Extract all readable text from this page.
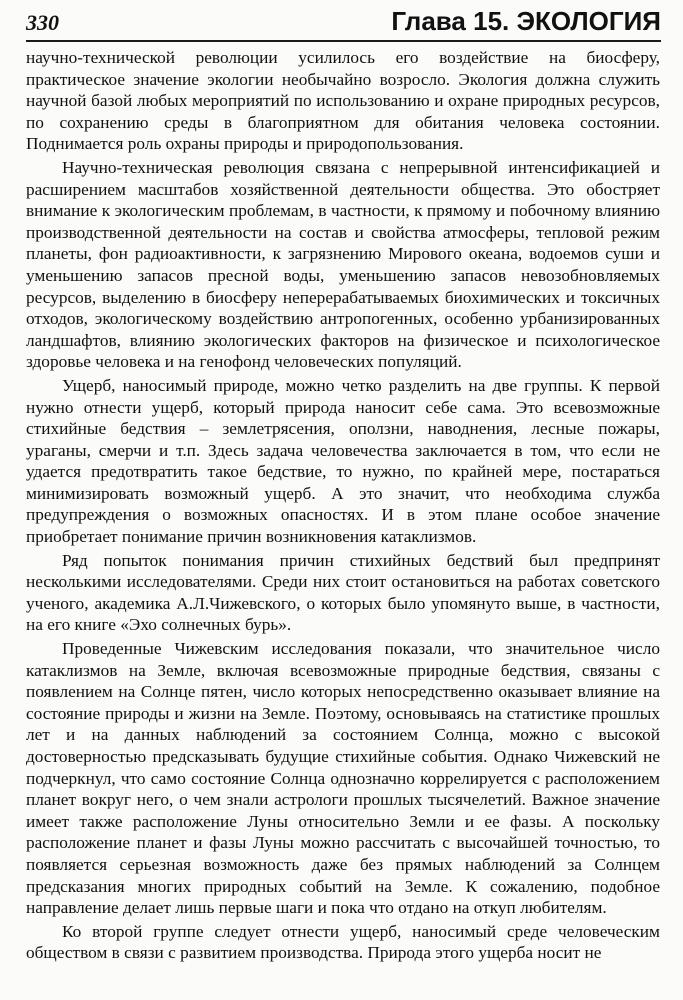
330	Глава 15. ЭКОЛОГИЯ

научно-технической революции усилилось его воздействие на биосферу, практическое значение экологии необычайно возросло. Экология должна служить научной базой любых мероприятий по использованию и охране природных ресурсов, по сохранению среды в благоприятном для обитания человека состоянии. Поднимается роль охраны природы и природопользования.

Научно-техническая революция связана с непрерывной интенсификацией и расширением масштабов хозяйственной деятельности общества. Это обостряет внимание к экологическим проблемам, в частности, к прямому и побочному влиянию производственной деятельности на состав и свойства атмосферы, тепловой режим планеты, фон радиоактивности, к загрязнению Мирового океана, водоемов суши и уменьшению запасов пресной воды, уменьшению запасов невозобновляемых ресурсов, выделению в биосферу неперерабатываемых биохимических и токсичных отходов, экологическому воздействию антропогенных, особенно урбанизированных ландшафтов, влиянию экологических факторов на физическое и психологическое здоровье человека и на генофонд человеческих популяций.

Ущерб, наносимый природе, можно четко разделить на две группы. К первой нужно отнести ущерб, который природа наносит себе сама. Это всевозможные стихийные бедствия – землетрясения, оползни, наводнения, лесные пожары, ураганы, смерчи и т.п. Здесь задача человечества заключается в том, что если не удается предотвратить такое бедствие, то нужно, по крайней мере, постараться минимизировать возможный ущерб. А это значит, что необходима служба предупреждения о возможных опасностях. И в этом плане особое значение приобретает понимание причин возникновения катаклизмов.

Ряд попыток понимания причин стихийных бедствий был предпринят несколькими исследователями. Среди них стоит остановиться на работах советского ученого, академика А.Л.Чижевского, о которых было упомянуто выше, в частности, на его книге «Эхо солнечных бурь».

Проведенные Чижевским исследования показали, что значительное число катаклизмов на Земле, включая всевозможные природные бедствия, связаны с появлением на Солнце пятен, число которых непосредственно оказывает влияние на состояние природы и жизни на Земле. Поэтому, основываясь на статистике прошлых лет и на данных наблюдений за состоянием Солнца, можно с высокой достоверностью предсказывать будущие стихийные события. Однако Чижевский не подчеркнул, что само состояние Солнца однозначно коррелируется с расположением планет вокруг него, о чем знали астрологи прошлых тысячелетий. Важное значение имеет также расположение Луны относительно Земли и ее фазы. А поскольку расположение планет и фазы Луны можно рассчитать с высочайшей точностью, то появляется серьезная возможность даже без прямых наблюдений за Солнцем предсказания многих природных событий на Земле. К сожалению, подобное направление делает лишь первые шаги и пока что отдано на откуп любителям.

Ко второй группе следует отнести ущерб, наносимый среде человеческим обществом в связи с развитием производства. Природа этого ущерба носит не
